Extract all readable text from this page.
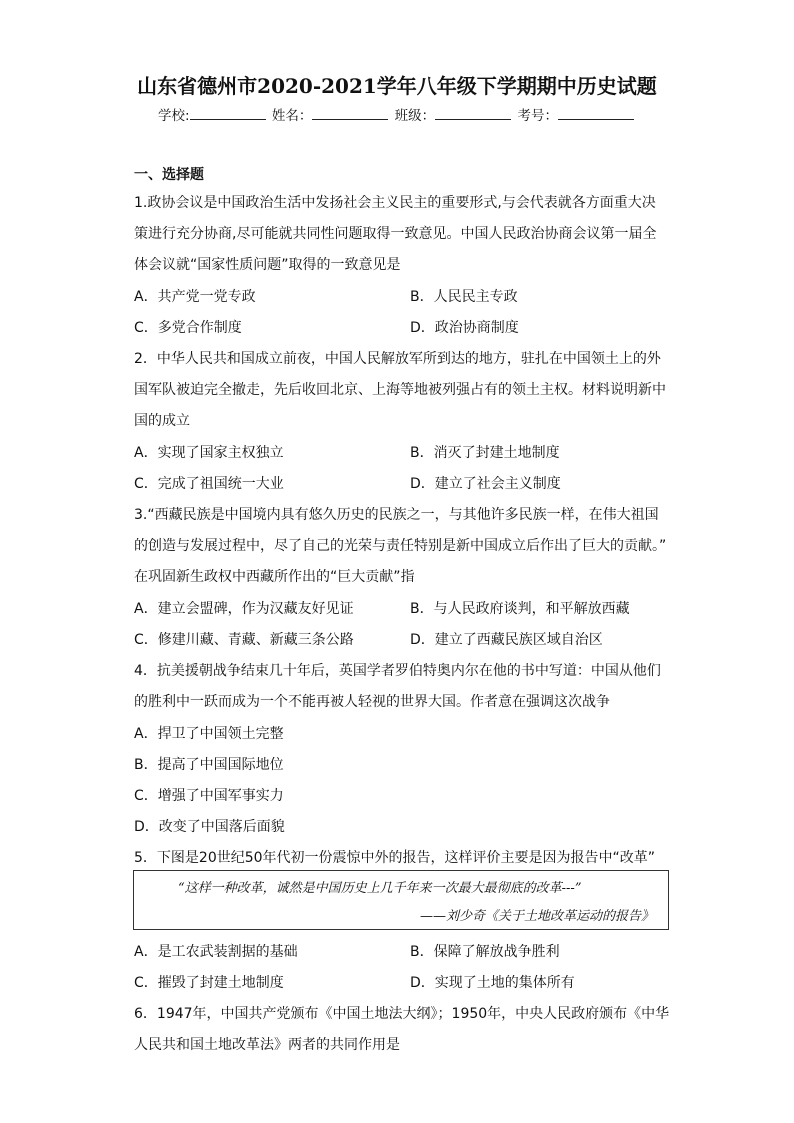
山东省德州市2020-2021学年八年级下学期期中历史试题
学校:	姓名：	班级：	考号：
一、选择题
1.政协会议是中国政治生活中发扬社会主义民主的重要形式,与会代表就各方面重大决
策进行充分协商,尽可能就共同性问题取得一致意见。中国人民政治协商会议第一届全
体会议就“国家性质问题”取得的一致意见是
A．共产党一党专政	B．人民民主专政
C．多党合作制度	D．政治协商制度
2．中华人民共和国成立前夜，中国人民解放军所到达的地方，驻扎在中国领土上的外
国军队被迫完全撤走，先后收回北京、上海等地被列强占有的领土主权。材料说明新中
国的成立
A．实现了国家主权独立	B．消灭了封建土地制度
C．完成了祖国统一大业	D．建立了社会主义制度
3.“西藏民族是中国境内具有悠久历史的民族之一，与其他许多民族一样，在伟大祖国
的创造与发展过程中，尽了自己的光荣与责任特别是新中国成立后作出了巨大的贡献。”
在巩固新生政权中西藏所作出的“巨大贡献”指
A．建立会盟碑，作为汉藏友好见证	B．与人民政府谈判，和平解放西藏
C．修建川藏、青藏、新藏三条公路	D．建立了西藏民族区域自治区
4．抗美援朝战争结束几十年后，英国学者罗伯特奥内尔在他的书中写道：中国从他们
的胜利中一跃而成为一个不能再被人轻视的世界大国。作者意在强调这次战争
A．捍卫了中国领土完整
B．提高了中国国际地位
C．增强了中国军事实力
D．改变了中国落后面貌
5．下图是20世纪50年代初一份震惊中外的报告，这样评价主要是因为报告中“改革”
“这样一种改革，诚然是中国历史上几千年来一次最大最彻底的改革---”
——刘少奇《关于土地改革运动的报告》
A．是工农武装割据的基础	B．保障了解放战争胜利
C．摧毁了封建土地制度	D．实现了土地的集体所有
6．1947年，中国共产党颁布《中国土地法大纲》；1950年，中央人民政府颁布《中华
人民共和国土地改革法》两者的共同作用是
